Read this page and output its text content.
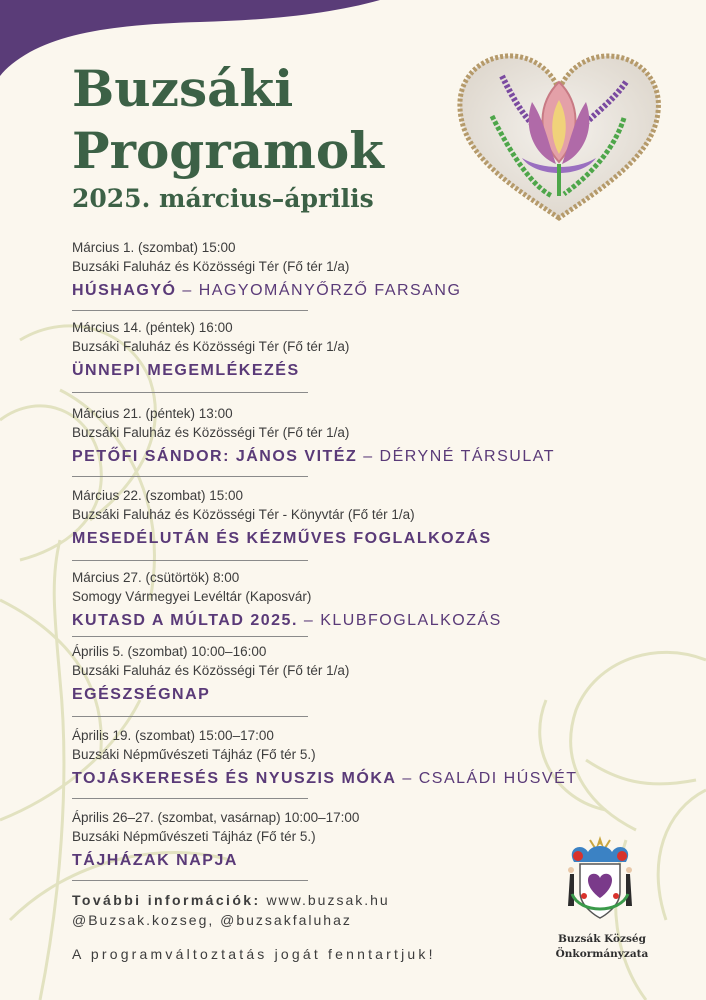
Buzsáki
Programok
2025. március–április
Március 1. (szombat) 15:00
Buzsáki Faluház és Közösségi Tér (Fő tér 1/a)
HÚSHAGYÓ – HAGYOMÁNYŐRZŐ FARSANG
Március 14. (péntek) 16:00
Buzsáki Faluház és Közösségi Tér (Fő tér 1/a)
ÜNNEPI MEGEMLÉKEZÉS
Március 21. (péntek) 13:00
Buzsáki Faluház és Közösségi Tér (Fő tér 1/a)
PETŐFI SÁNDOR: JÁNOS VITÉZ – DÉRYNÉ TÁRSULAT
Március 22. (szombat) 15:00
Buzsáki Faluház és Közösségi Tér - Könyvtár (Fő tér 1/a)
MESEDÉLUTÁN ÉS KÉZMŰVES FOGLALKOZÁS
Március 27. (csütörtök) 8:00
Somogy Vármegyei Levéltár (Kaposvár)
KUTASD A MÚLTAD 2025. – KLUBFOGLALKOZÁS
Április 5. (szombat) 10:00–16:00
Buzsáki Faluház és Közösségi Tér (Fő tér 1/a)
EGÉSZSÉGNAP
Április 19. (szombat) 15:00–17:00
Buzsáki Népművészeti Tájház (Fő tér 5.)
TOJÁSKERESÉS ÉS NYUSZIS MÓKA – CSALÁDI HÚSVÉT
Április 26–27. (szombat, vasárnap) 10:00–17:00
Buzsáki Népművészeti Tájház (Fő tér 5.)
TÁJHÁZAK NAPJA
További információk: www.buzsak.hu
@Buzsak.kozseg, @buzsakfaluhaz
A programváltoztatás jogát fenntartjuk!
Buzsák Község
Önkormányzata
